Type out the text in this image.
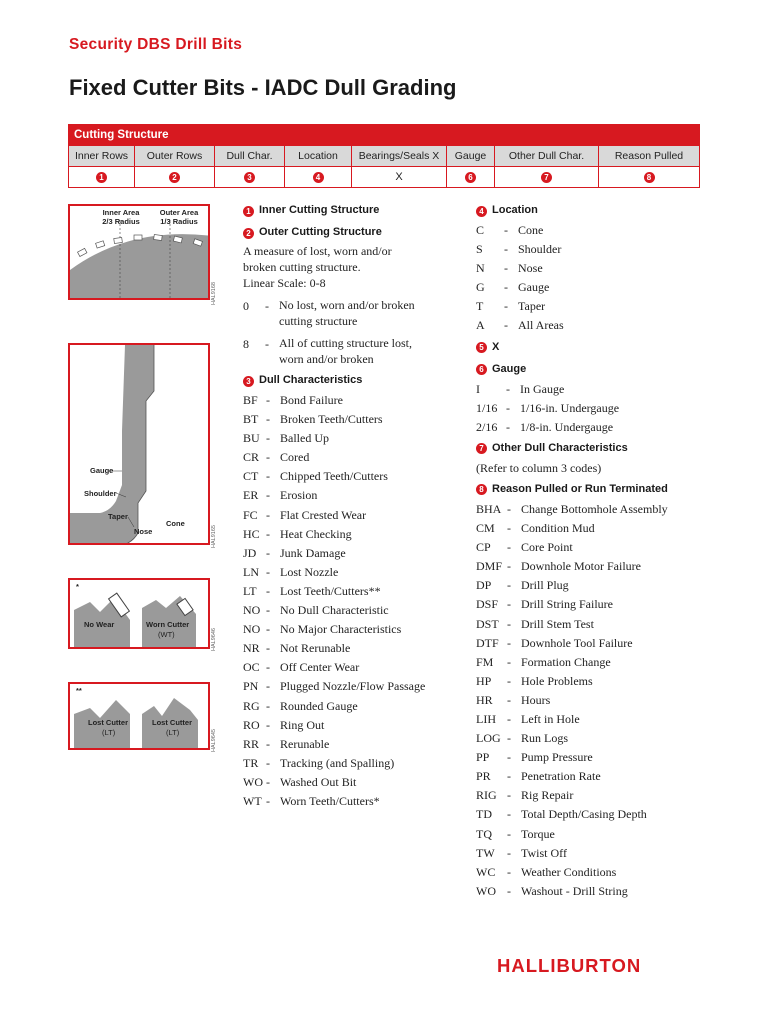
Security DBS Drill Bits
Fixed Cutter Bits - IADC Dull Grading
Cutting Structure
Inner Rows	Outer Rows	Dull Char.	Location	Bearings/Seals X	Gauge	Other Dull Char.	Reason Pulled
1	2	3	4	X	6	7	8
Inner Area
2/3 Radius
Outer Area
1/3 Radius
HAL9168
Gauge
Shoulder
Taper
Nose
Cone
HAL9165
*
No Wear	Worn Cutter
(WT)	HAL9646
**
Lost Cutter
(LT)
Lost Cutter
(LT)	HAL9645
1 Inner Cutting Structure
2 Outer Cutting Structure
A measure of lost, worn and/or broken cutting structure.
Linear Scale: 0-8
0	- No lost, worn and/or broken cutting structure
8	- All of cutting structure lost, worn and/or broken
3 Dull Characteristics
BF - Bond Failure
BT - Broken Teeth/Cutters
BU - Balled Up
CR - Cored
CT - Chipped Teeth/Cutters
ER - Erosion
FC - Flat Crested Wear
HC - Heat Checking
JD - Junk Damage
LN - Lost Nozzle
LT - Lost Teeth/Cutters**
NO - No Dull Characteristic
NO - No Major Characteristics
NR - Not Rerunable
OC - Off Center Wear
PN - Plugged Nozzle/Flow Passage
RG - Rounded Gauge
RO - Ring Out
RR - Rerunable
TR - Tracking (and Spalling)
WO - Washed Out Bit
WT - Worn Teeth/Cutters*
4 Location
C	- Cone
S	- Shoulder
N	- Nose
G	- Gauge
T	- Taper
A	- All Areas
5 X
6 Gauge
I	- In Gauge
1/16 - 1/16-in. Undergauge
2/16 - 1/8-in. Undergauge
7 Other Dull Characteristics
(Refer to column 3 codes)
8 Reason Pulled or Run Terminated
BHA - Change Bottomhole Assembly
CM	- Condition Mud
CP	- Core Point
DMF - Downhole Motor Failure
DP	- Drill Plug
DSF - Drill String Failure
DST - Drill Stem Test
DTF - Downhole Tool Failure
FM	- Formation Change
HP	- Hole Problems
HR	- Hours
LIH - Left in Hole
LOG - Run Logs
PP	- Pump Pressure
PR	- Penetration Rate
RIG - Rig Repair
TD	- Total Depth/Casing Depth
TQ	- Torque
TW	- Twist Off
WC - Weather Conditions
WO - Washout - Drill String
HALLIBURTON
